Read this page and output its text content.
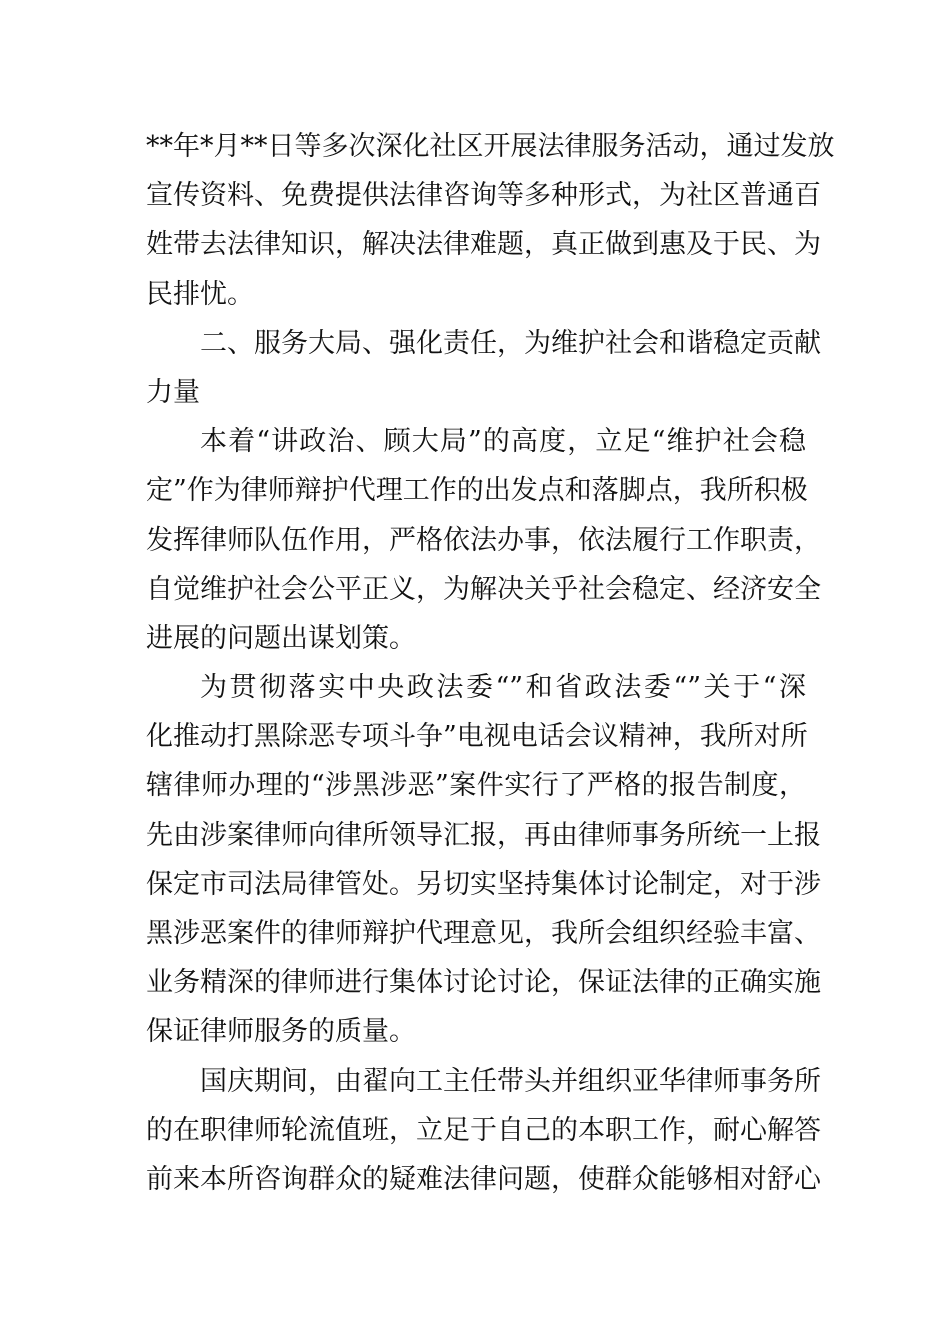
**年*月**日等多次深化社区开展法律服务活动，通过发放
宣传资料、免费提供法律咨询等多种形式，为社区普通百
姓带去法律知识，解决法律难题，真正做到惠及于民、为
民排忧。
二、服务大局、强化责任，为维护社会和谐稳定贡献
力量
本着“讲政治、顾大局”的高度，立足“维护社会稳
定”作为律师辩护代理工作的出发点和落脚点，我所积极
发挥律师队伍作用，严格依法办事，依法履行工作职责，
自觉维护社会公平正义，为解决关乎社会稳定、经济安全
进展的问题出谋划策。
为贯彻落实中央政法委“”和省政法委“”关于“深
化推动打黑除恶专项斗争”电视电话会议精神，我所对所
辖律师办理的“涉黑涉恶”案件实行了严格的报告制度，
先由涉案律师向律所领导汇报，再由律师事务所统一上报
保定市司法局律管处。另切实坚持集体讨论制定，对于涉
黑涉恶案件的律师辩护代理意见，我所会组织经验丰富、
业务精深的律师进行集体讨论讨论，保证法律的正确实施
保证律师服务的质量。
国庆期间，由翟向工主任带头并组织亚华律师事务所
的在职律师轮流值班，立足于自己的本职工作，耐心解答
前来本所咨询群众的疑难法律问题，使群众能够相对舒心
